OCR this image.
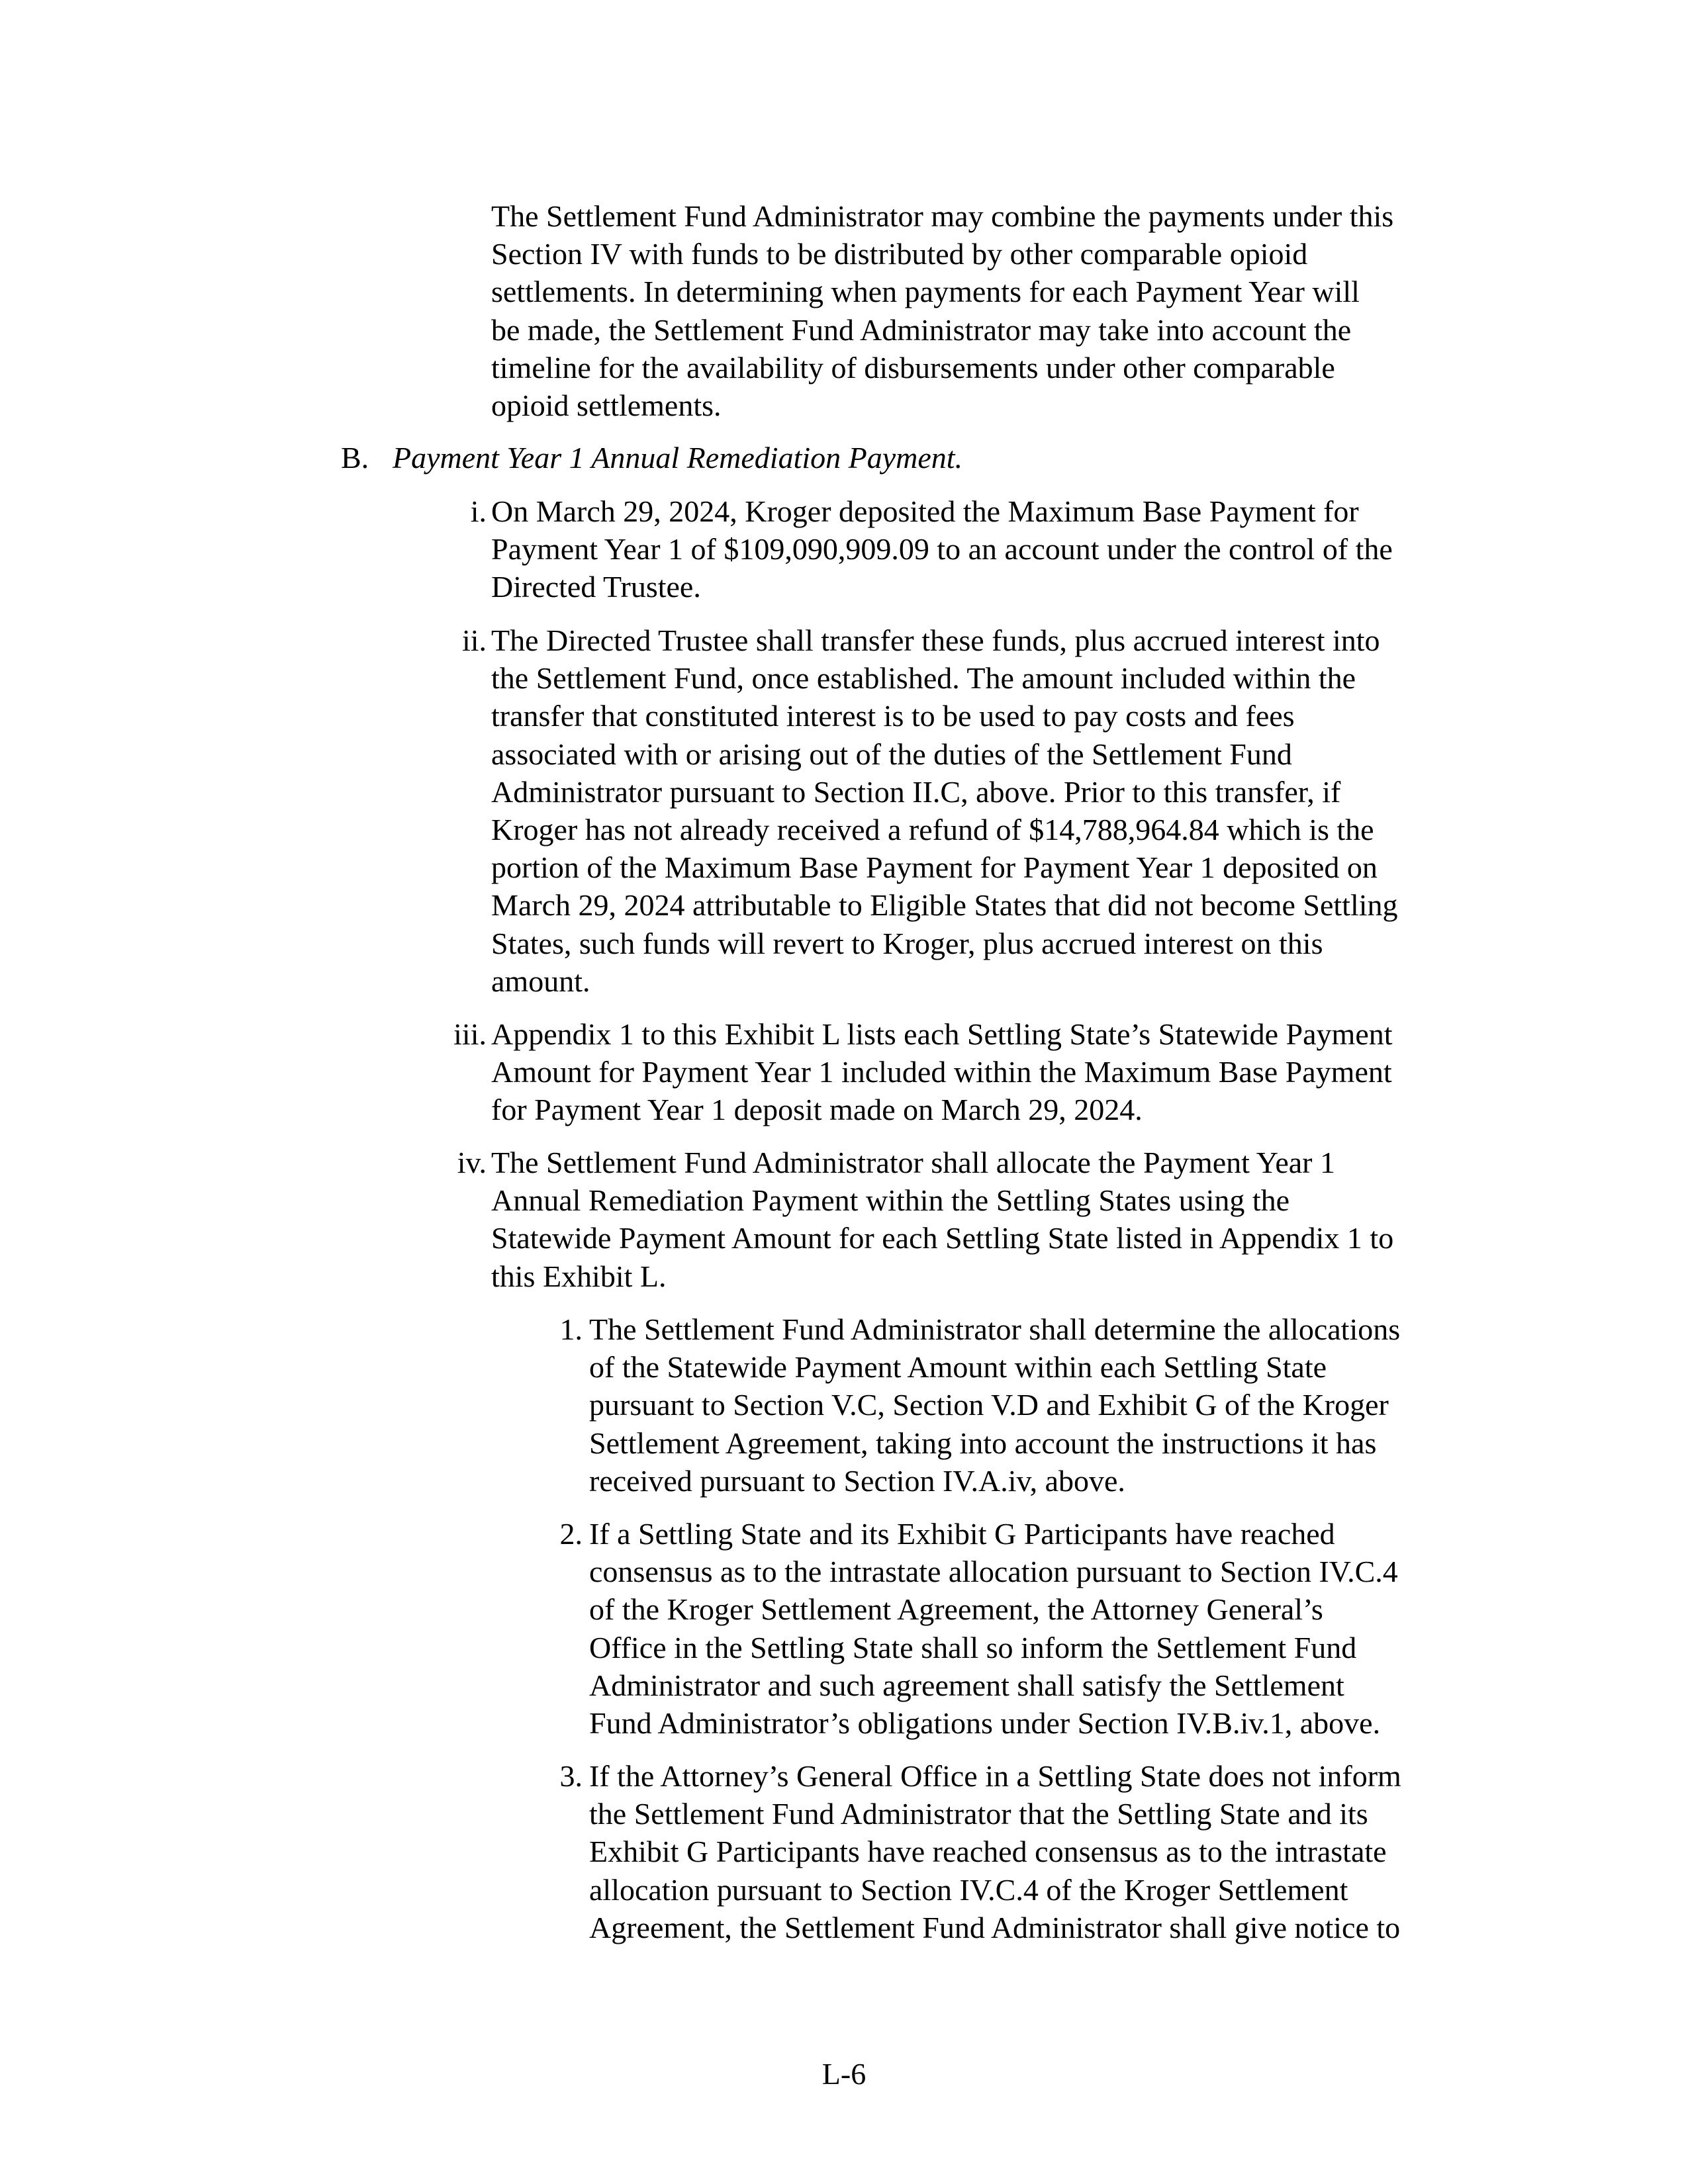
The Settlement Fund Administrator may combine the payments under this
Section IV with funds to be distributed by other comparable opioid
settlements. In determining when payments for each Payment Year will
be made, the Settlement Fund Administrator may take into account the
timeline for the availability of disbursements under other comparable
opioid settlements.
B. Payment Year 1 Annual Remediation Payment.
i. On March 29, 2024, Kroger deposited the Maximum Base Payment for
Payment Year 1 of $109,090,909.09 to an account under the control of the
Directed Trustee.
ii. The Directed Trustee shall transfer these funds, plus accrued interest into
the Settlement Fund, once established. The amount included within the
transfer that constituted interest is to be used to pay costs and fees
associated with or arising out of the duties of the Settlement Fund
Administrator pursuant to Section II.C, above. Prior to this transfer, if
Kroger has not already received a refund of $14,788,964.84 which is the
portion of the Maximum Base Payment for Payment Year 1 deposited on
March 29, 2024 attributable to Eligible States that did not become Settling
States, such funds will revert to Kroger, plus accrued interest on this
amount.
iii. Appendix 1 to this Exhibit L lists each Settling State’s Statewide Payment
Amount for Payment Year 1 included within the Maximum Base Payment
for Payment Year 1 deposit made on March 29, 2024.
iv. The Settlement Fund Administrator shall allocate the Payment Year 1
Annual Remediation Payment within the Settling States using the
Statewide Payment Amount for each Settling State listed in Appendix 1 to
this Exhibit L.
1. The Settlement Fund Administrator shall determine the allocations
of the Statewide Payment Amount within each Settling State
pursuant to Section V.C, Section V.D and Exhibit G of the Kroger
Settlement Agreement, taking into account the instructions it has
received pursuant to Section IV.A.iv, above.
2. If a Settling State and its Exhibit G Participants have reached
consensus as to the intrastate allocation pursuant to Section IV.C.4
of the Kroger Settlement Agreement, the Attorney General’s
Office in the Settling State shall so inform the Settlement Fund
Administrator and such agreement shall satisfy the Settlement
Fund Administrator’s obligations under Section IV.B.iv.1, above.
3. If the Attorney’s General Office in a Settling State does not inform
the Settlement Fund Administrator that the Settling State and its
Exhibit G Participants have reached consensus as to the intrastate
allocation pursuant to Section IV.C.4 of the Kroger Settlement
Agreement, the Settlement Fund Administrator shall give notice to
L-6
